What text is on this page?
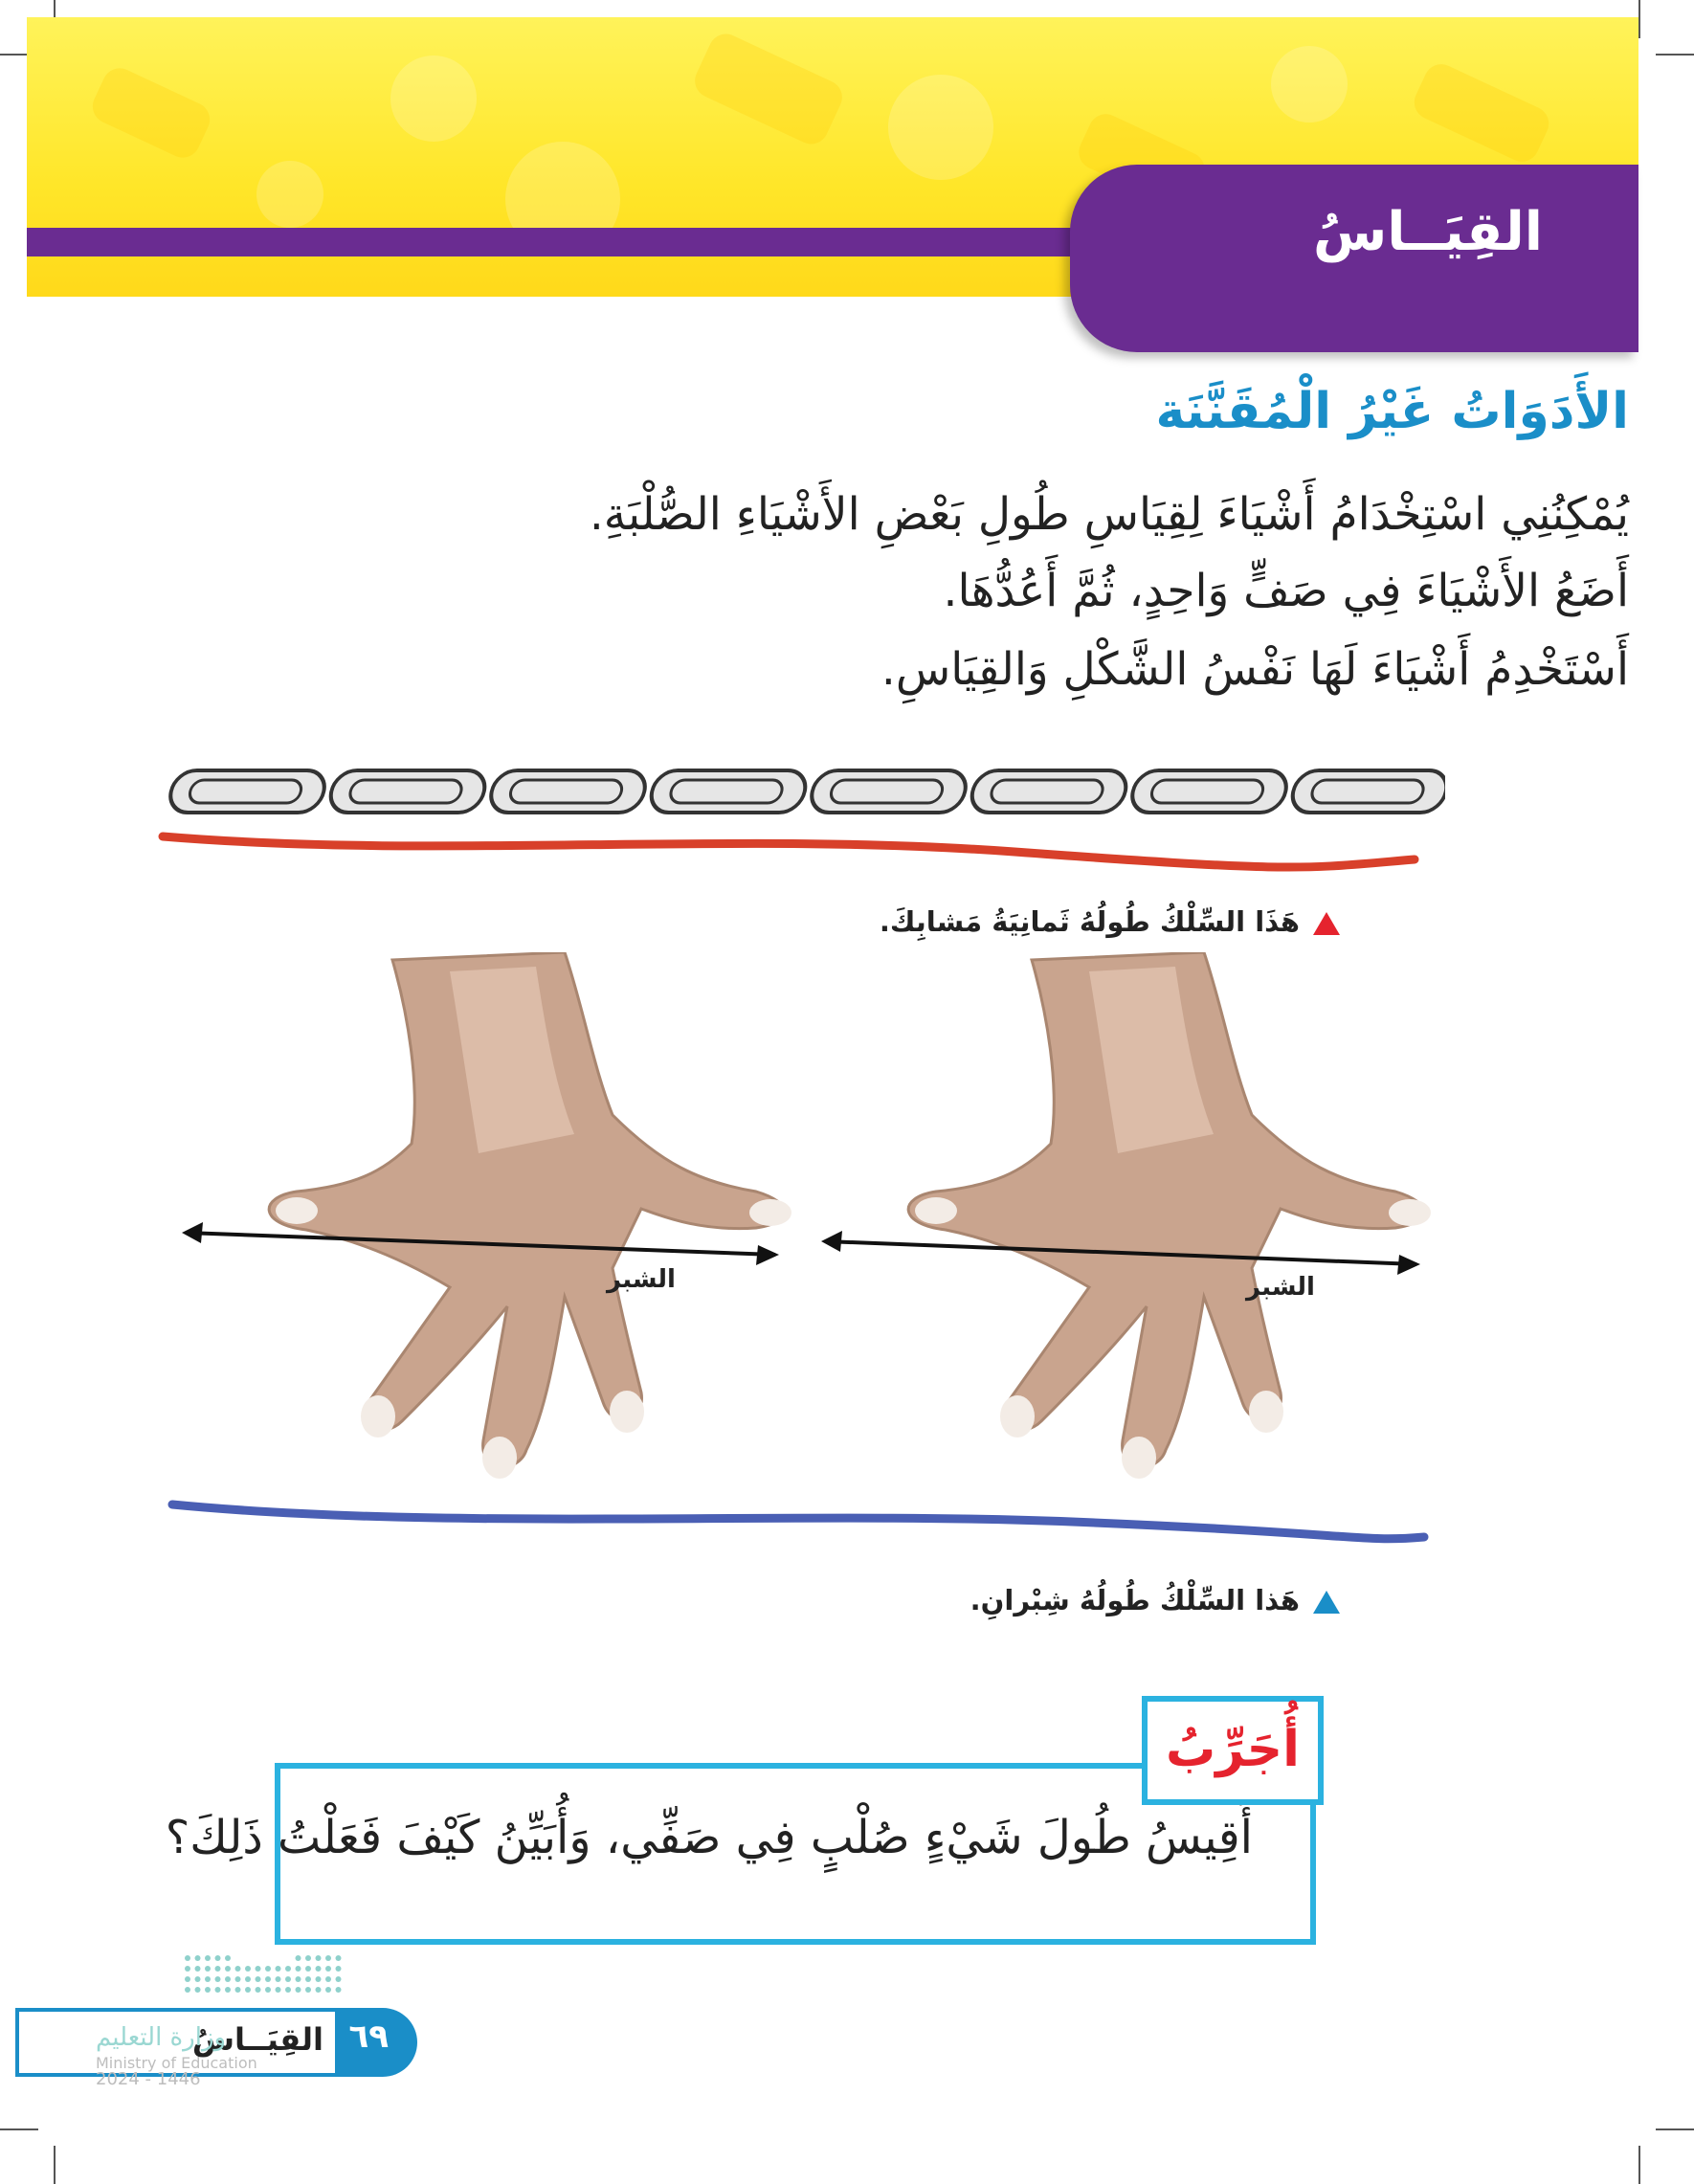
القِيَــاسُ
الأَدَوَاتُ غَيْرُ الْمُقَنَّنَة
يُمْكِنُنِي اسْتِخْدَامُ أَشْيَاءَ لِقِيَاسِ طُولِ بَعْضِ الأَشْيَاءِ الصُّلْبَةِ.
أَضَعُ الأَشْيَاءَ فِي صَفٍّ وَاحِدٍ، ثُمَّ أَعُدُّهَا.
أَسْتَخْدِمُ أَشْيَاءَ لَهَا نَفْسُ الشَّكْلِ وَالقِيَاسِ.
هَذَا السِّلْكُ طُولُهُ ثَمانِيَةُ مَشابِكَ.
الشبر	الشبر
هَذا السِّلْكُ طُولُهُ شِبْرانِ.
أَقِيسُ طُولَ شَيْءٍ صُلْبٍ فِي صَفِّي، وَأُبَيِّنُ كَيْفَ فَعَلْتُ ذَلِكَ؟
أُجَرِّبُ
القِيَــاسُ ٦٩
وزارة التعليم
Ministry of Education
2024 - 1446
